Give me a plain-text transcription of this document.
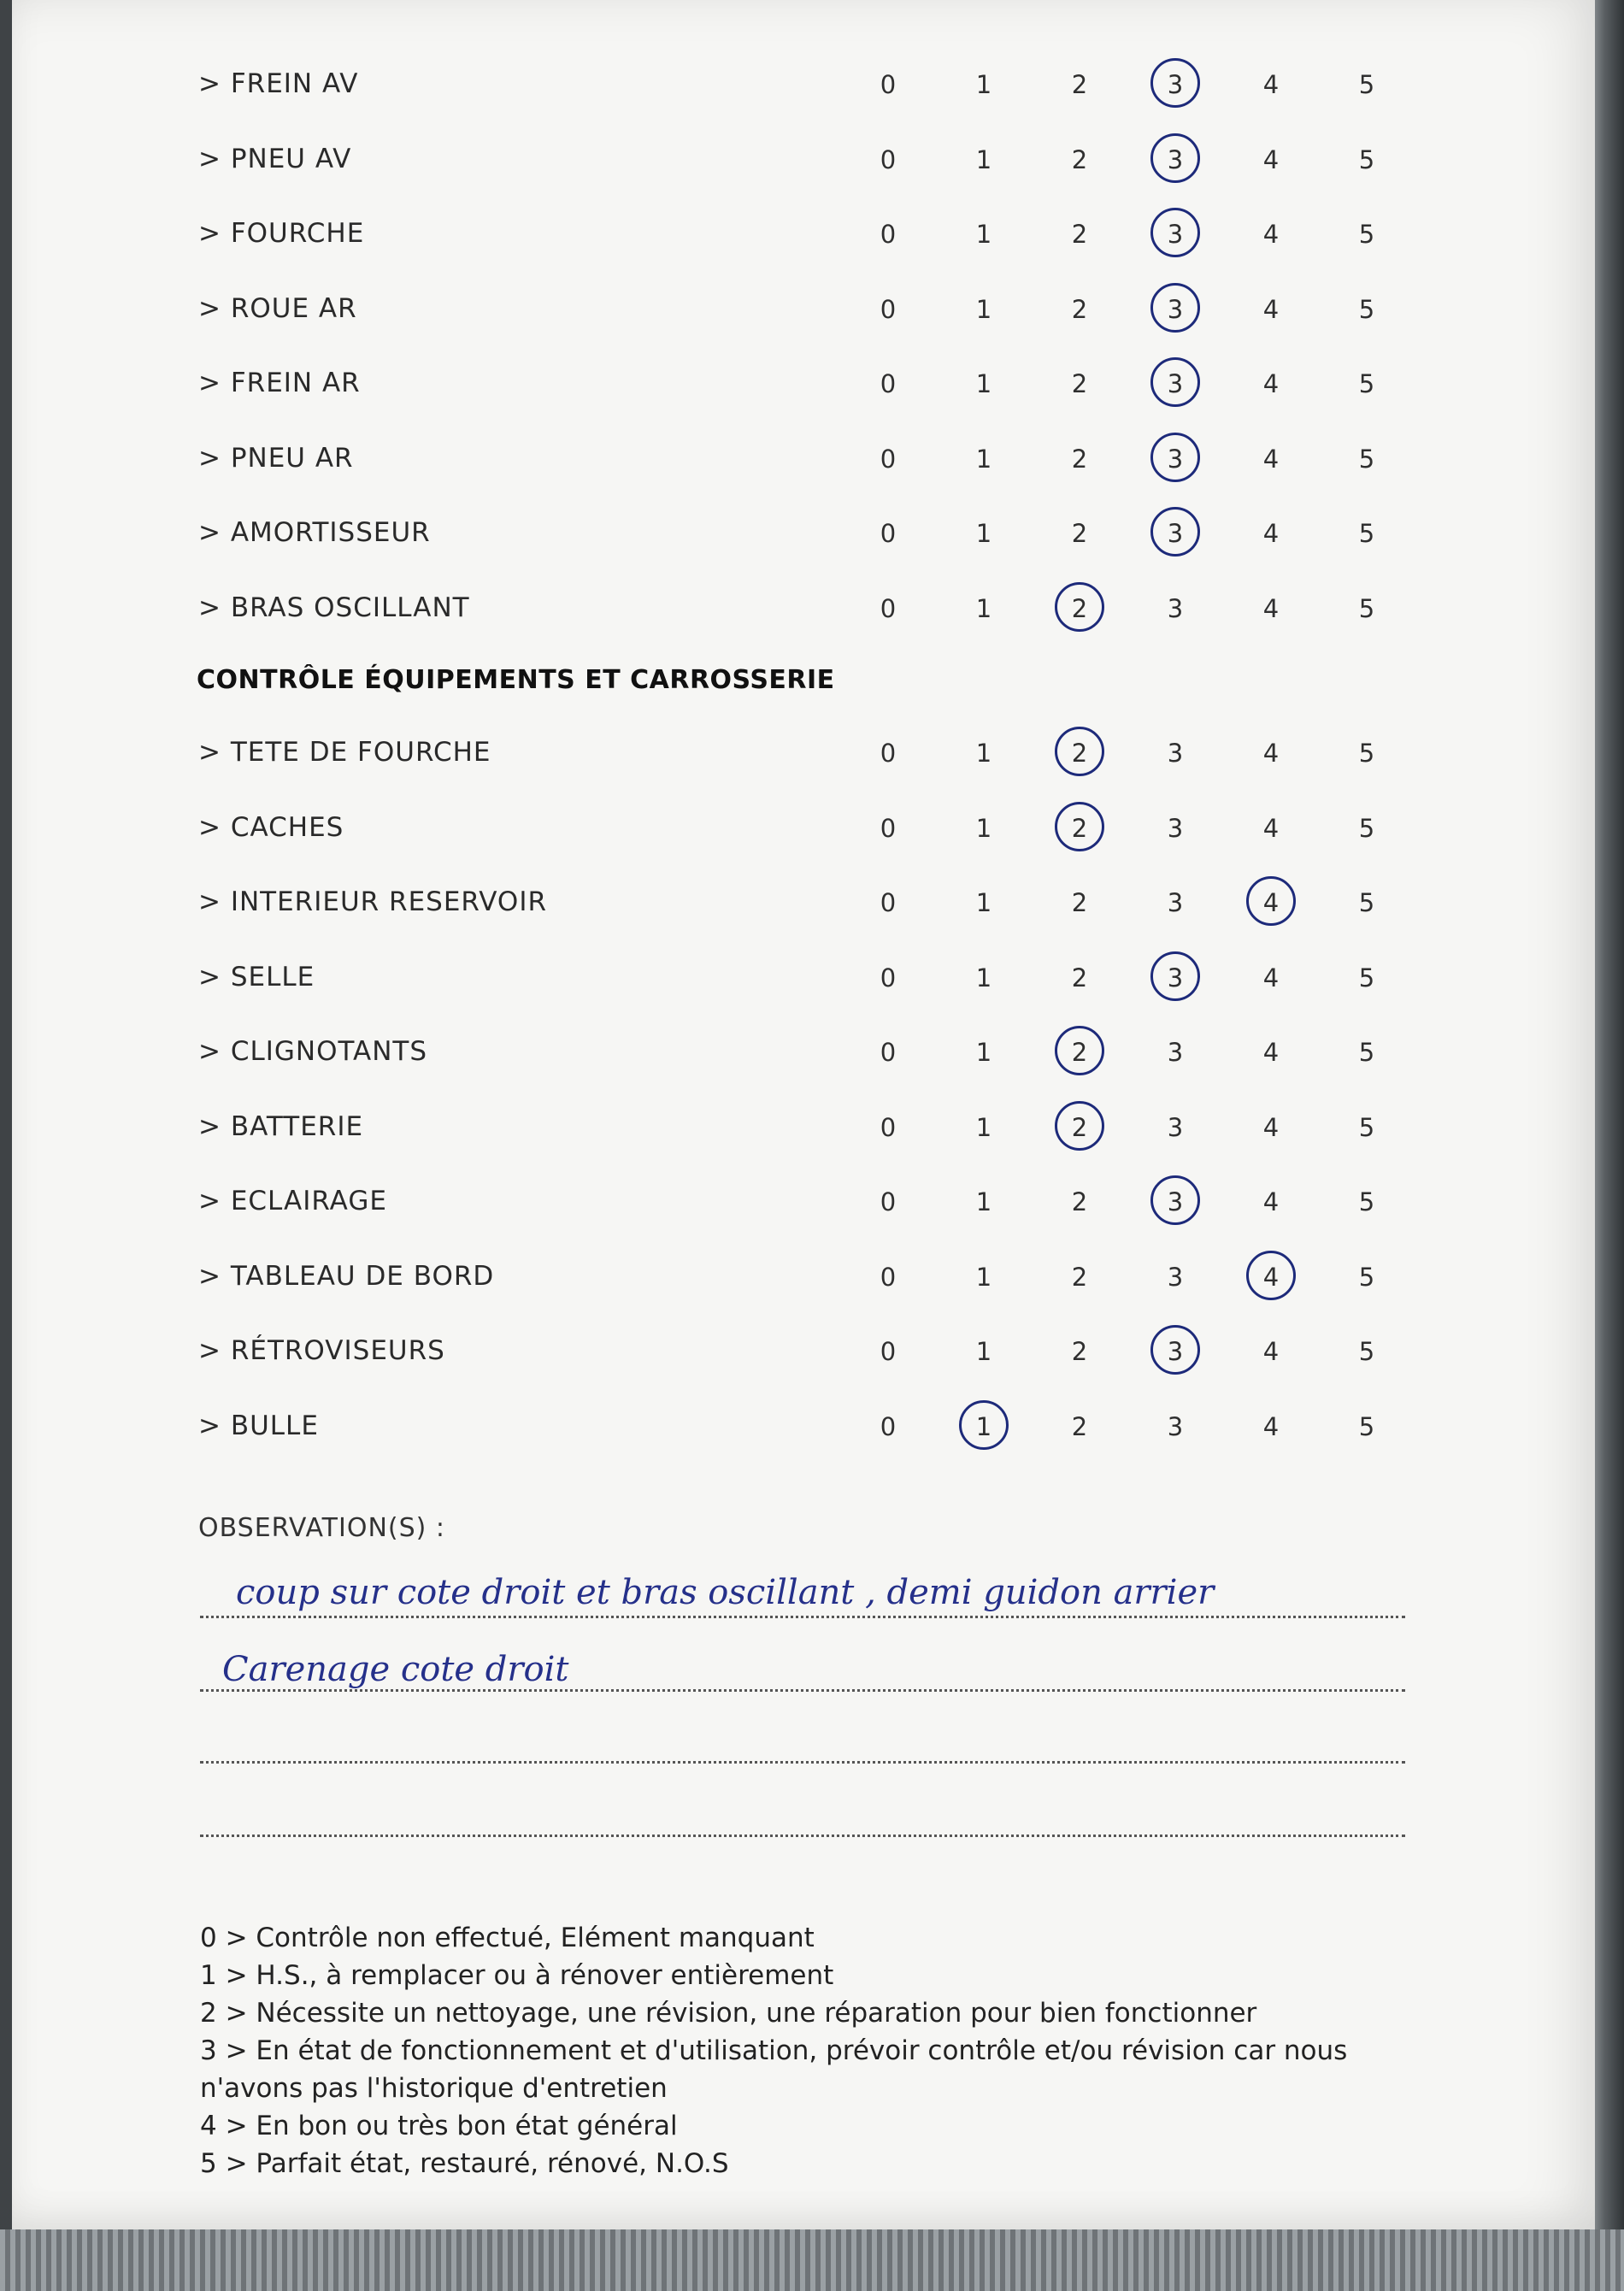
> FREIN AV	0	1	2	3	4	5
> PNEU AV	0	1	2	3	4	5
> FOURCHE	0	1	2	3	4	5
> ROUE AR	0	1	2	3	4	5
> FREIN AR	0	1	2	3	4	5
> PNEU AR	0	1	2	3	4	5
> AMORTISSEUR	0	1	2	3	4	5
> BRAS OSCILLANT	0	1	2	3	4	5
CONTRÔLE ÉQUIPEMENTS ET CARROSSERIE
> TETE DE FOURCHE	0	1	2	3	4	5
> CACHES	0	1	2	3	4	5
> INTERIEUR RESERVOIR	0	1	2	3	4	5
> SELLE	0	1	2	3	4	5
> CLIGNOTANTS	0	1	2	3	4	5
> BATTERIE	0	1	2	3	4	5
> ECLAIRAGE	0	1	2	3	4	5
> TABLEAU DE BORD	0	1	2	3	4	5
> RÉTROVISEURS	0	1	2	3	4	5
> BULLE	0	1	2	3	4	5
OBSERVATION(S) :
coup sur cote droit et bras oscillant , demi guidon arrier
Carenage cote droit
0 > Contrôle non effectué, Elément manquant
1 > H.S., à remplacer ou à rénover entièrement
2 > Nécessite un nettoyage, une révision, une réparation pour bien fonctionner
3 > En état de fonctionnement et d'utilisation, prévoir contrôle et/ou révision car nous
n'avons pas l'historique d'entretien
4 > En bon ou très bon état général
5 > Parfait état, restauré, rénové, N.O.S
